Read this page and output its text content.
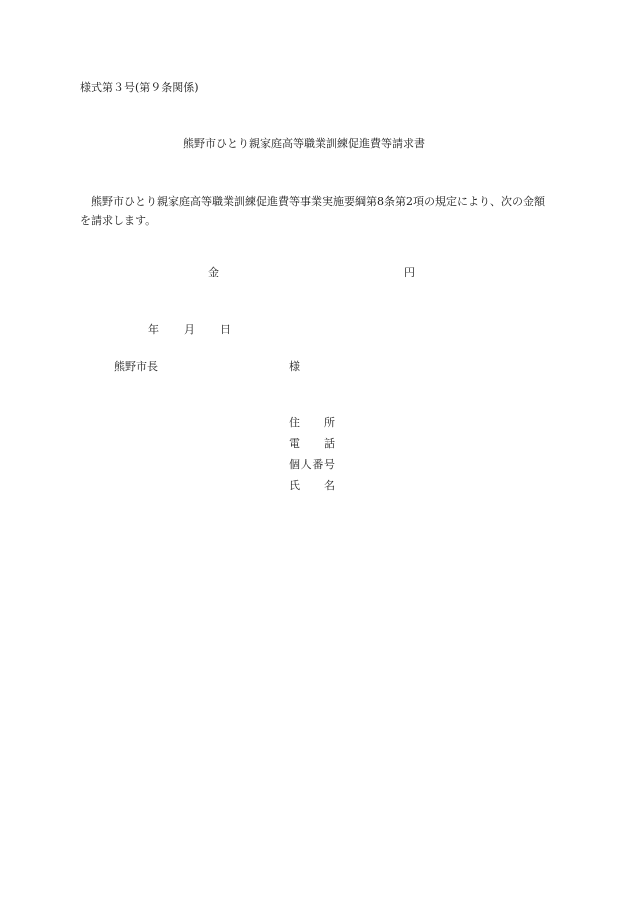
様式第３号(第９条関係)
熊野市ひとり親家庭高等職業訓練促進費等請求書
熊野市ひとり親家庭高等職業訓練促進費等事業実施要綱第8条第2項の規定により、次の金額を請求します。
金	円
年 月 日
熊野市長	様
住 所
電 話
個 人 番 号
氏 名
